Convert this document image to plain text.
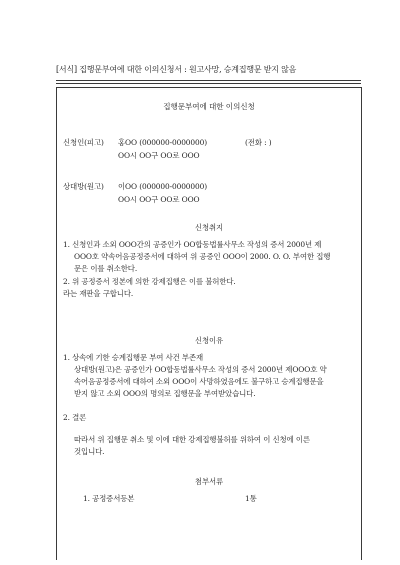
[서식] 집행문부여에 대한 이의신청서 : 원고사망, 승계집행문 받지 않음
집행문부여에 대한 이의신청
신청인(피고) 홍OO (000000-0000000)	(전화 : )
OO시 OO구 OO로 OOO
상대방(원고) 이OO (000000-0000000)
OO시 OO구 OO로 OOO
신청취지
1. 신청인과 소외 OOO간의 공증인가 OO합동법률사무소 작성의 증서 2000년 제
OOO호 약속어음공정증서에 대하여 위 공증인 OOO이 2000. O. O. 부여한 집행
문은 이를 취소한다.
2. 위 공정증서 정본에 의한 강제집행은 이를 불허한다.
라는 재판을 구합니다.
신청이유
1. 상속에 기한 승계집행문 부여 사건 부존재
상대방(원고)은 공증인가 OO합동법률사무소 작성의 증서 2000년 제OOO호 약
속어음공정증서에 대하여 소외 OOO이 사망하였음에도 불구하고 승계집행문을
받지 않고 소외 OOO의 명의로 집행문을 부여받았습니다.
2. 결론
따라서 위 집행문 취소 및 이에 대한 강제집행불허를 위하여 이 신청에 이른
것입니다.
첨부서류
1. 공정증서등본	1통
